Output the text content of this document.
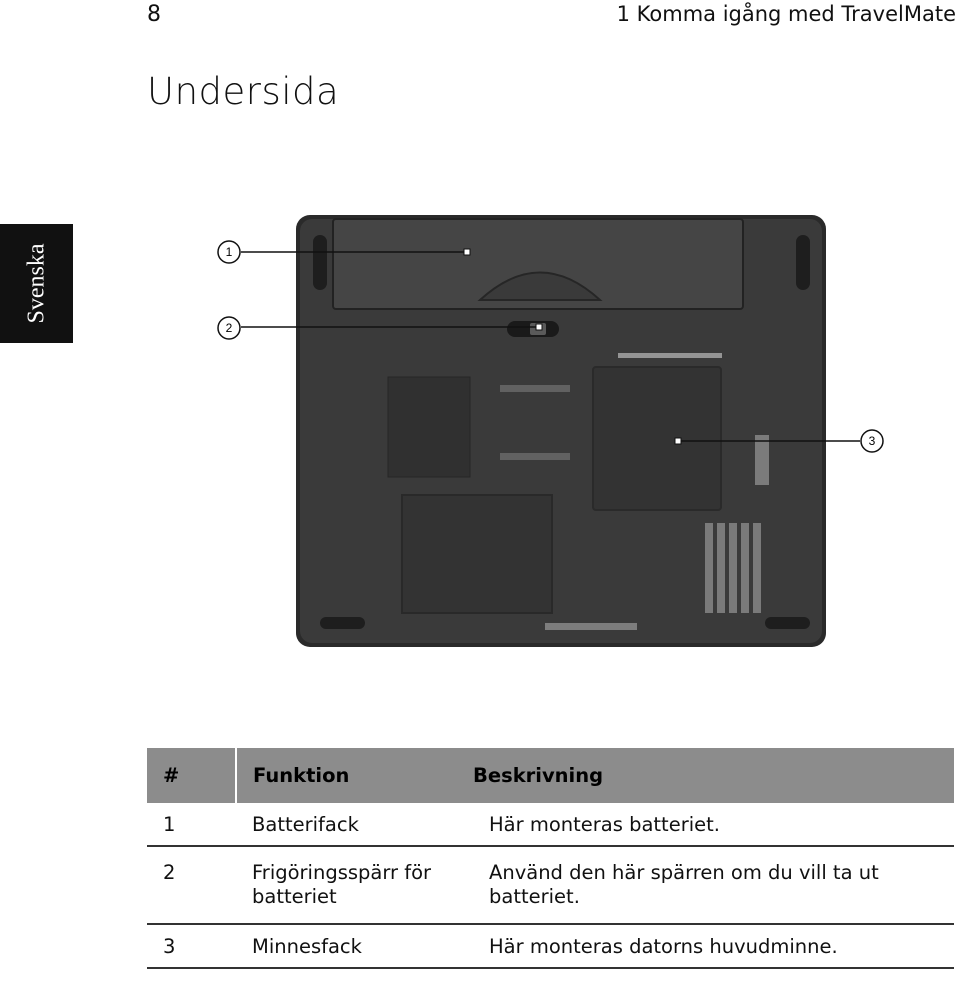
8	1 Komma igång med TravelMate
Undersida
Svenska	1
2
3
#	Funktion	Beskrivning
1	Batterifack	Här monteras batteriet.
2	Frigöringsspärr för batteriet	Använd den här spärren om du vill ta ut batteriet.
3	Minnesfack	Här monteras datorns huvudminne.
